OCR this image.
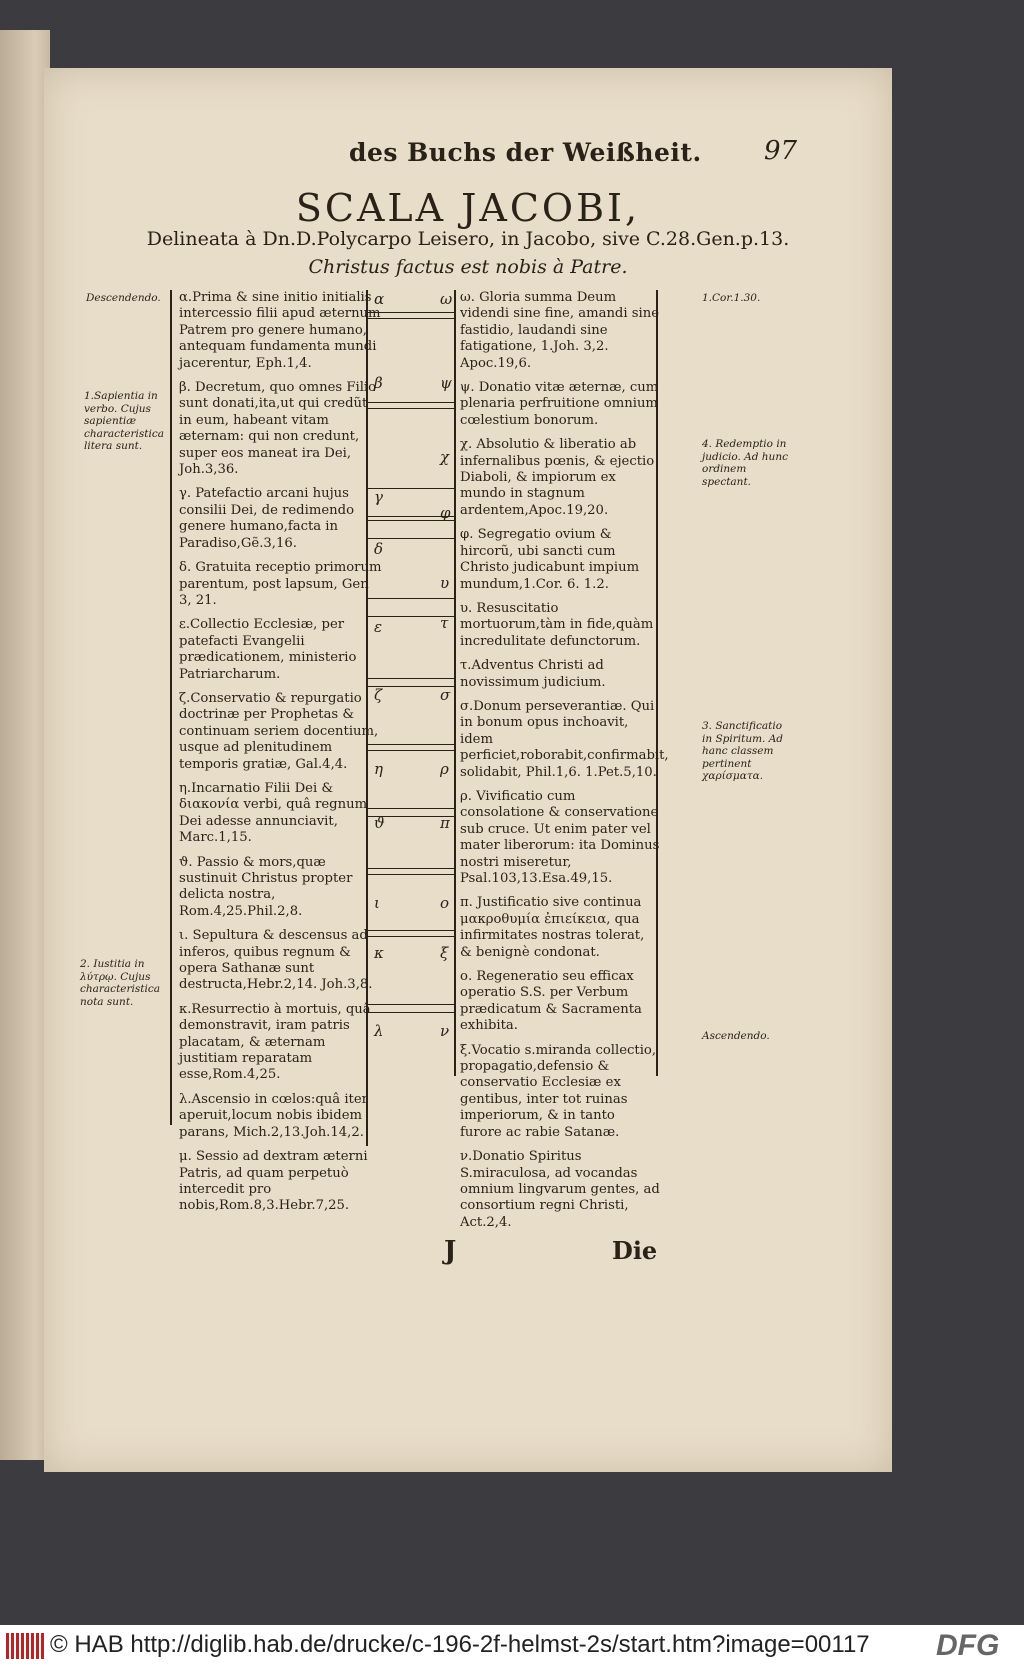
des Buchs der Weißheit. 97
SCALA JACOBI,
Delineata à Dn.D.Polycarpo Leisero, in Jacobo, sive C.28.Gen.p.13.
Christus factus est nobis à Patre.
Descendendo.
1.Sapientia in verbo. Cujus sapientiæ characteristica litera sunt.
2. Iustitia in λύτρῳ. Cujus characteristica nota sunt.
1.Cor.1.30.
4. Redemptio in judicio. Ad hunc ordinem spectant.
3. Sanctificatio in Spiritum. Ad hanc classem pertinent χαρίσματα.
Ascendendo.
α
β
γ
δ
ε
ζ
η
ϑ
ι
κ
λ
ω
ψ
χ
φ
υ
τ
σ
ρ
π
ο
ξ
ν

α.Prima & sine initio initialis intercessio filii apud æternum Patrem pro genere humano, antequam fundamenta mundi jacerentur, Eph.1,4.

β. Decretum, quo omnes Filio sunt donati,ita,ut qui credũt in eum, habeant vitam æternam: qui non credunt, super eos maneat ira Dei, Joh.3,36.

γ. Patefactio arcani hujus consilii Dei, de redimendo genere humano,facta in Paradiso,Gẽ.3,16.

δ. Gratuita receptio primorum parentum, post lapsum, Gen 3, 21.

ε.Collectio Ecclesiæ, per patefacti Evangelii prædicationem, ministerio Patriarcharum.

ζ.Conservatio & repurgatio doctrinæ per Prophetas & continuam seriem docentium, usque ad plenitudinem temporis gratiæ, Gal.4,4.

η.Incarnatio Filii Dei & διακονία verbi, quâ regnum Dei adesse annunciavit, Marc.1,15.

ϑ. Passio & mors,quæ sustinuit Christus propter delicta nostra, Rom.4,25.Phil.2,8.

ι. Sepultura & descensus ad inferos, quibus regnum & opera Sathanæ sunt destructa,Hebr.2,14. Joh.3,8.

κ.Resurrectio à mortuis, quâ demonstravit, iram patris placatam, & æternam justitiam reparatam esse,Rom.4,25.

λ.Ascensio in cœlos:quâ iter aperuit,locum nobis ibidem parans, Mich.2,13.Joh.14,2.

μ. Sessio ad dextram æterni Patris, ad quam perpetuò intercedit pro nobis,Rom.8,3.Hebr.7,25.

ω. Gloria summa Deum videndi sine fine, amandi sine fastidio, laudandi sine fatigatione, 1.Joh. 3,2. Apoc.19,6.

ψ. Donatio vitæ æternæ, cum plenaria perfruitione omnium cœlestium bonorum.

χ. Absolutio & liberatio ab infernalibus pœnis, & ejectio Diaboli, & impiorum ex mundo in stagnum ardentem,Apoc.19,20.

φ. Segregatio ovium & hircorũ, ubi sancti cum Christo judicabunt impium mundum,1.Cor. 6. 1.2.

υ. Resuscitatio mortuorum,tàm in fide,quàm incredulitate defunctorum.

τ.Adventus Christi ad novissimum judicium.

σ.Donum perseverantiæ. Qui in bonum opus inchoavit, idem perficiet,roborabit,confirmabit, solidabit, Phil.1,6. 1.Pet.5,10.

ρ. Vivificatio cum consolatione & conservatione sub cruce. Ut enim pater vel mater liberorum: ita Dominus nostri miseretur, Psal.103,13.Esa.49,15.

π. Justificatio sive continua μακροθυμία ἐπιείκεια, qua infirmitates nostras tolerat, & benignè condonat.

ο. Regeneratio seu efficax operatio S.S. per Verbum prædicatum & Sacramenta exhibita.

ξ.Vocatio s.miranda collectio, propagatio,defensio & conservatio Ecclesiæ ex gentibus, inter tot ruinas imperiorum, & in tanto furore ac rabie Satanæ.

ν.Donatio Spiritus S.miraculosa, ad vocandas omnium lingvarum gentes, ad consortium regni Christi, Act.2,4.

J	Die
© HAB http://diglib.hab.de/drucke/c-196-2f-helmst-2s/start.htm?image=00117 DFG
